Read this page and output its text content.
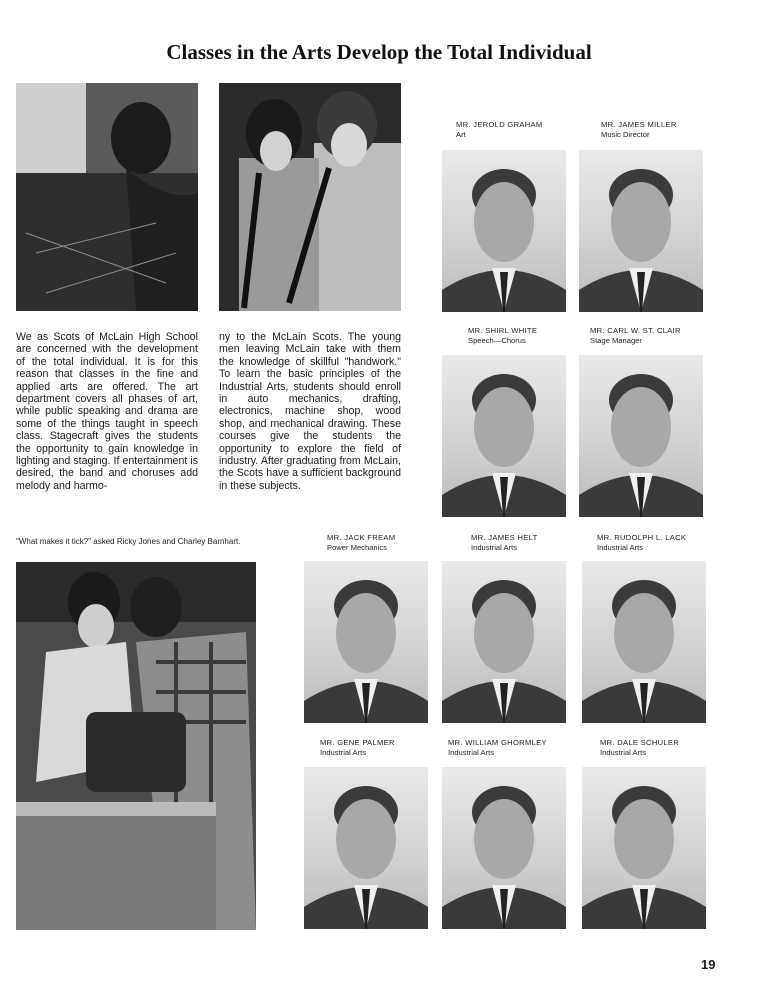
Classes in the Arts Develop the Total Individual
We as Scots of McLain High School are concerned with the development of the total individual. It is for this reason that classes in the fine and applied arts are offered. The art department covers all phases of art, while public speaking and drama are some of the things taught in speech class. Stagecraft gives the students the opportunity to gain knowledge in lighting and staging. If entertainment is desired, the band and choruses add melody and harmo-
ny to the McLain Scots. The young men leaving McLain take with them the knowledge of skillful "handwork." To learn the basic principles of the Industrial Arts, students should enroll in auto mechanics, drafting, electronics, machine shop, wood shop, and mechanical drawing. These courses give the students the opportunity to explore the field of industry. After graduating from McLain, the Scots have a sufficient background in these subjects.
"What makes it tick?" asked Ricky Jones and Charley Barnhart.
MR. JEROLD GRAHAM
Art
MR. JAMES MILLER
Music Director
MR. SHIRL WHITE
Speech—Chorus
MR. CARL W. ST. CLAIR
Stage Manager
MR. JACK FREAM
Power Mechanics
MR. JAMES HELT
Industrial Arts
MR. RUDOLPH L. LACK
Industrial Arts
MR. GENE PALMER
Industrial Arts
MR. WILLIAM GHORMLEY
Industrial Arts
MR. DALE SCHULER
Industrial Arts
19
